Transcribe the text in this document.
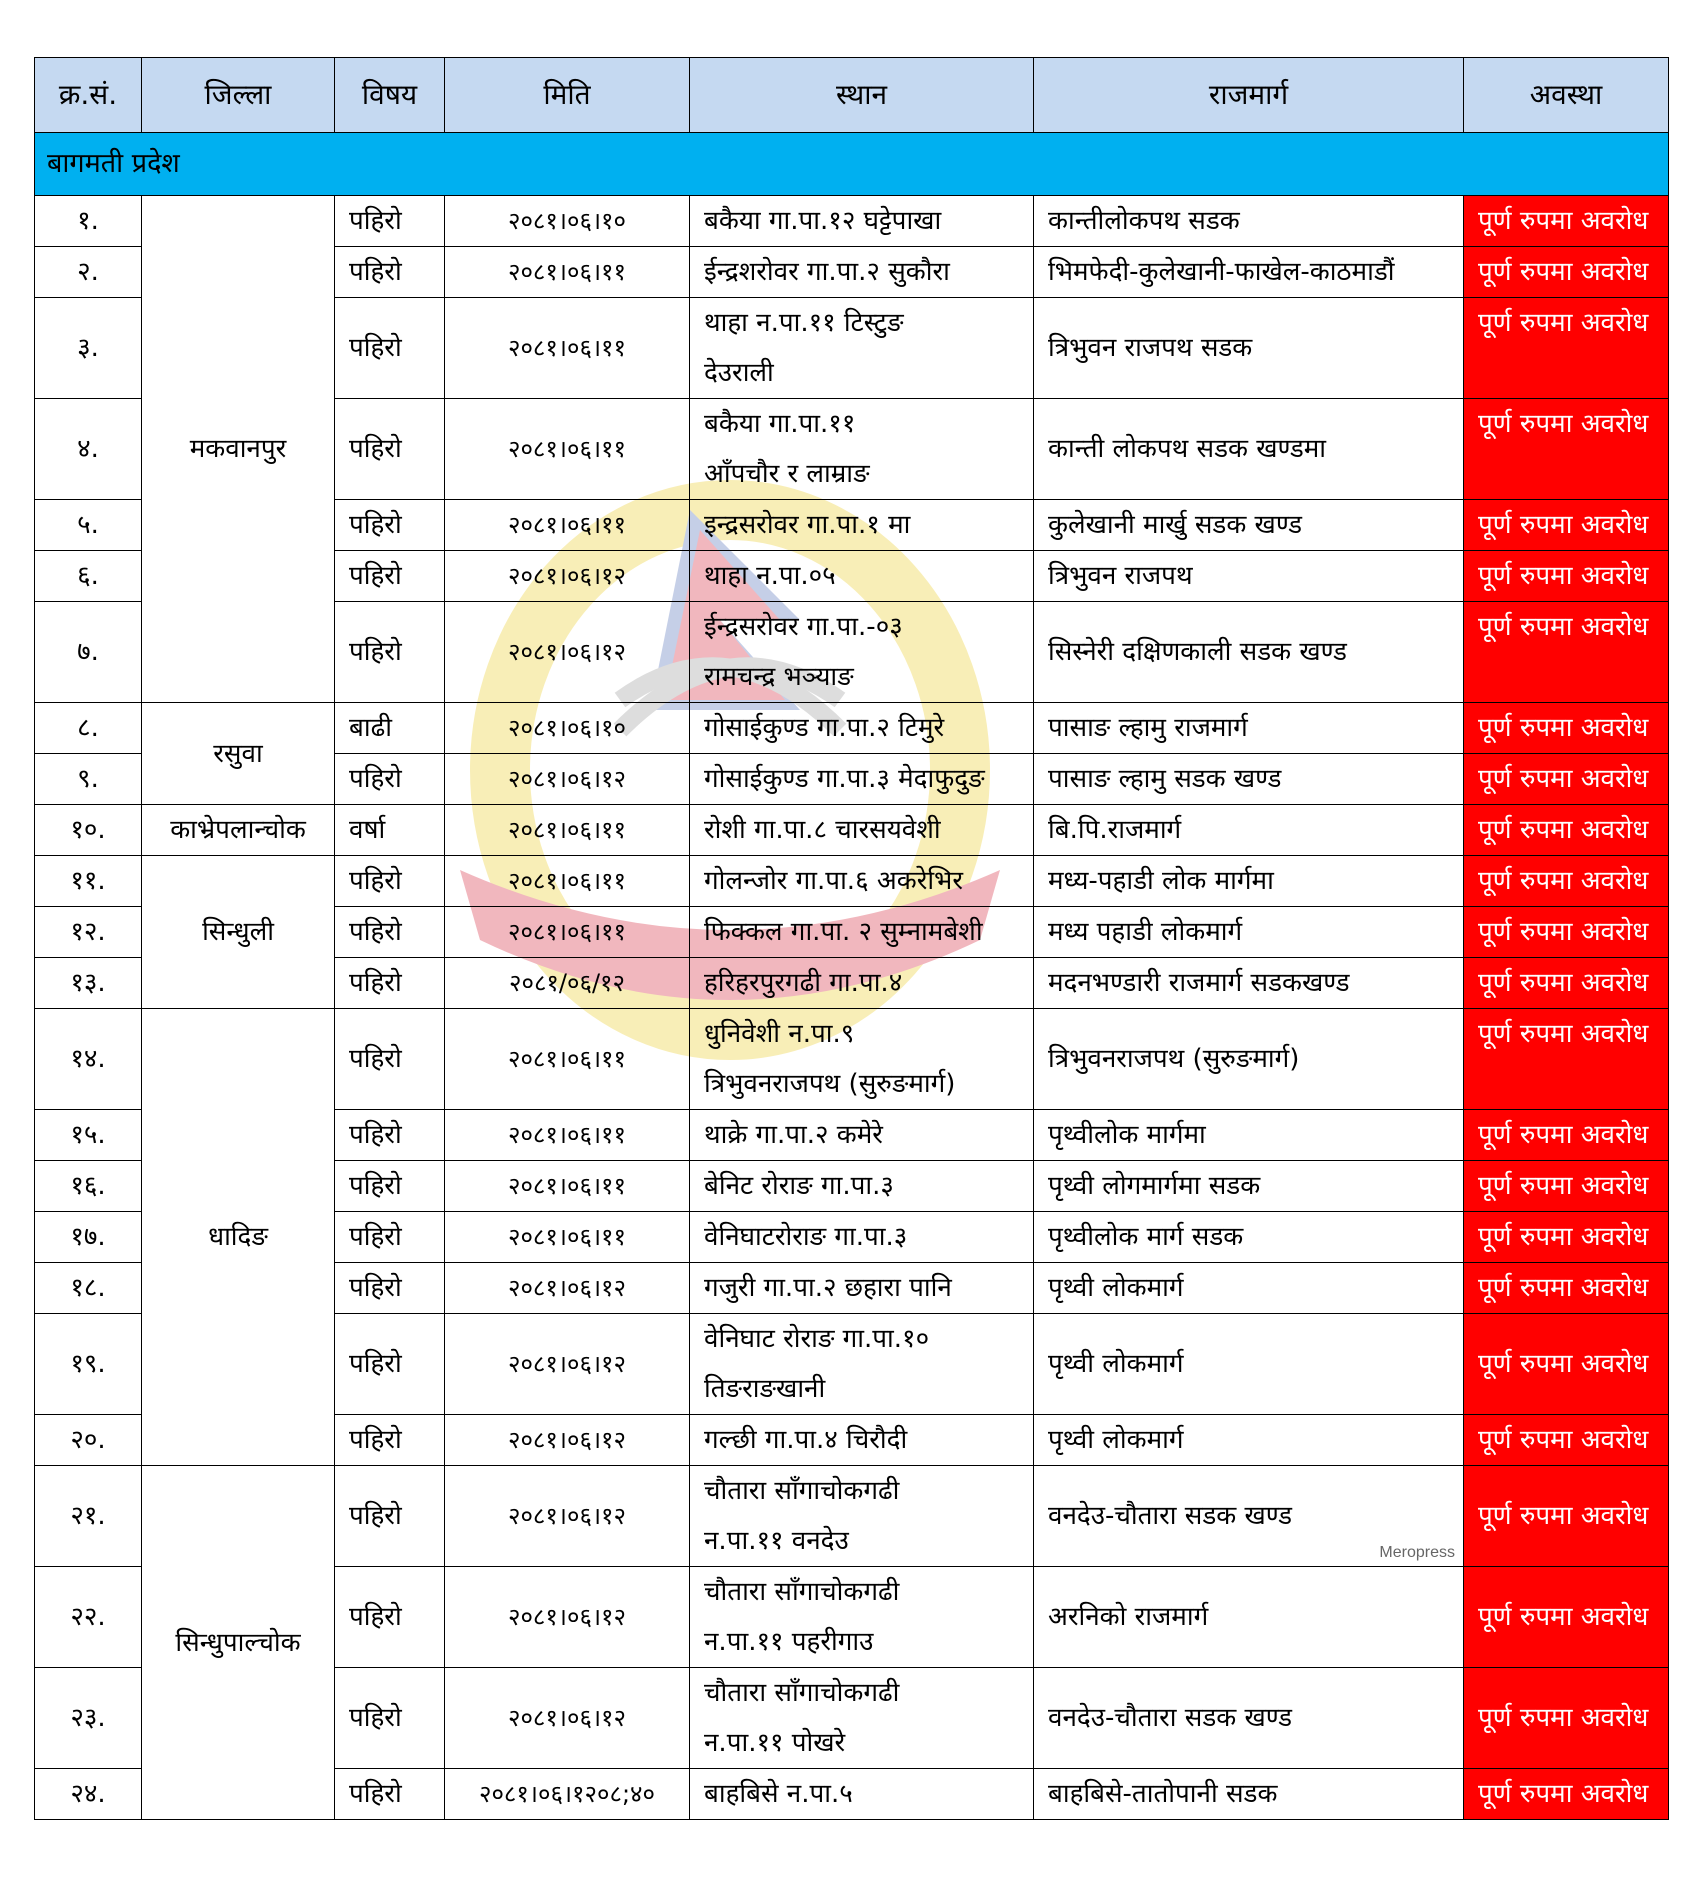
क्र.सं.	जिल्ला	विषय	मिति	स्थान	राजमार्ग	अवस्था
बागमती प्रदेश						
१.	मकवानपुर	पहिरो	२०८१।०६।१०	बकैया गा.पा.१२ घट्टेपाखा	कान्तीलोकपथ सडक	पूर्ण रुपमा अवरोध
२.		पहिरो	२०८१।०६।११	ईन्द्रशरोवर गा.पा.२ सुकौरा	भिमफेदी-कुलेखानी-फाखेल-काठमाडौं	पूर्ण रुपमा अवरोध
३.		पहिरो	२०८१।०६।११	थाहा न.पा.११ टिस्टुङ
देउराली	त्रिभुवन राजपथ सडक	पूर्ण रुपमा अवरोध
४.		पहिरो	२०८१।०६।११	बकैया गा.पा.११
आँपचौर र लाम्राङ	कान्ती लोकपथ सडक खण्डमा	पूर्ण रुपमा अवरोध
५.		पहिरो	२०८१।०६।११	इन्द्रसरोवर गा.पा.१ मा	कुलेखानी मार्खु सडक खण्ड	पूर्ण रुपमा अवरोध
६.		पहिरो	२०८१।०६।१२	थाहा न.पा.०५	त्रिभुवन राजपथ	पूर्ण रुपमा अवरोध
७.		पहिरो	२०८१।०६।१२	ईन्द्रसरोवर गा.पा.-०३
रामचन्द्र भञ्याङ	सिस्नेरी दक्षिणकाली सडक खण्ड	पूर्ण रुपमा अवरोध
८.	रसुवा	बाढी	२०८१।०६।१०	गोसाईकुण्ड गा.पा.२ टिमुरे	पासाङ ल्हामु राजमार्ग	पूर्ण रुपमा अवरोध
९.		पहिरो	२०८१।०६।१२	गोसाईकुण्ड गा.पा.३ मेदाफुदुङ	पासाङ ल्हामु सडक खण्ड	पूर्ण रुपमा अवरोध
१०.	काभ्रेपलान्चोक	वर्षा	२०८१।०६।११	रोशी गा.पा.८ चारसयवेशी	बि.पि.राजमार्ग	पूर्ण रुपमा अवरोध
११.	सिन्धुली	पहिरो	२०८१।०६।११	गोलन्जोर गा.पा.६ अकरेभिर	मध्य-पहाडी लोक मार्गमा	पूर्ण रुपमा अवरोध
१२.		पहिरो	२०८१।०६।११	फिक्कल गा.पा. २ सुम्नामबेशी	मध्य पहाडी लोकमार्ग	पूर्ण रुपमा अवरोध
१३.		पहिरो	२०८१/०६/१२	हरिहरपुरगढी गा.पा.४	मदनभण्डारी राजमार्ग सडकखण्ड	पूर्ण रुपमा अवरोध
१४.	धादिङ	पहिरो	२०८१।०६।११	धुनिवेशी न.पा.९
त्रिभुवनराजपथ (सुरुङमार्ग)	त्रिभुवनराजपथ (सुरुङमार्ग)	पूर्ण रुपमा अवरोध
१५.		पहिरो	२०८१।०६।११	थाक्रे गा.पा.२ कमेरे	पृथ्वीलोक मार्गमा	पूर्ण रुपमा अवरोध
१६.		पहिरो	२०८१।०६।११	बेनिट रोराङ गा.पा.३	पृथ्वी लोगमार्गमा सडक	पूर्ण रुपमा अवरोध
१७.		पहिरो	२०८१।०६।११	वेनिघाटरोराङ गा.पा.३	पृथ्वीलोक मार्ग सडक	पूर्ण रुपमा अवरोध
१८.		पहिरो	२०८१।०६।१२	गजुरी गा.पा.२ छहारा पानि	पृथ्वी लोकमार्ग	पूर्ण रुपमा अवरोध
१९.		पहिरो	२०८१।०६।१२	वेनिघाट रोराङ गा.पा.१०
तिङराङखानी	पृथ्वी लोकमार्ग	पूर्ण रुपमा अवरोध
२०.		पहिरो	२०८१।०६।१२	गल्छी गा.पा.४ चिरौदी	पृथ्वी लोकमार्ग	पूर्ण रुपमा अवरोध
२१.	सिन्धुपाल्चोक	पहिरो	२०८१।०६।१२	चौतारा साँगाचोकगढी
न.पा.११ वनदेउ	वनदेउ-चौतारा सडक खण्ड
Meropress	पूर्ण रुपमा अवरोध
२२.		पहिरो	२०८१।०६।१२	चौतारा साँगाचोकगढी
न.पा.११ पहरीगाउ	अरनिको राजमार्ग	पूर्ण रुपमा अवरोध
२३.		पहिरो	२०८१।०६।१२	चौतारा साँगाचोकगढी
न.पा.११ पोखरे	वनदेउ-चौतारा सडक खण्ड	पूर्ण रुपमा अवरोध
२४.		पहिरो	२०८१।०६।१२०८;४०	बाहबिसे न.पा.५	बाहबिसे-तातोपानी सडक	पूर्ण रुपमा अवरोध
